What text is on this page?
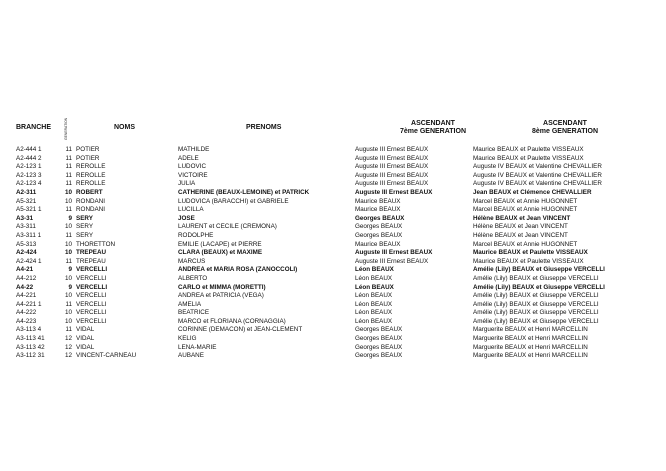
BRANCHE	GENERATION	NOMS	PRENOMS
ASCENDANT
7ème GENERATION
ASCENDANT
8ème GENERATION
A2-444 1	11 POTIER	MATHILDE	Auguste III Ernest BEAUX	Maurice BEAUX et Paulette VISSEAUX
A2-444 2	11 POTIER	ADELE	Auguste III Ernest BEAUX	Maurice BEAUX et Paulette VISSEAUX
A2-123 1	11 REROLLE	LUDOVIC	Auguste III Ernest BEAUX	Auguste IV BEAUX et Valentine CHEVALLIER
A2-123 3	11 REROLLE	VICTOIRE	Auguste III Ernest BEAUX	Auguste IV BEAUX et Valentine CHEVALLIER
A2-123 4	11 REROLLE	JULIA	Auguste III Ernest BEAUX	Auguste IV BEAUX et Valentine CHEVALLIER
A2-311	10 ROBERT	CATHERINE (BEAUX-LEMOINE) et PATRICK	Auguste III Ernest BEAUX	Jean BEAUX et Clémence CHEVALLIER
A5-321	10 RONDANI	LUDOVICA (BARACCHI) et GABRIELE	Maurice BEAUX	Marcel BEAUX et Annie HUGONNET
A5-321 1	11 RONDANI	LUCILLA	Maurice BEAUX	Marcel BEAUX et Annie HUGONNET
A3-31	9 SERY	JOSE	Georges BEAUX	Hélène BEAUX et Jean VINCENT
A3-311	10 SERY	LAURENT et CECILE (CREMONA)	Georges BEAUX	Hélène BEAUX et Jean VINCENT
A3-311 1	11 SERY	RODOLPHE	Georges BEAUX	Hélène BEAUX et Jean VINCENT
A5-313	10 THORETTON	EMILIE (LACAPE) et PIERRE	Maurice BEAUX	Marcel BEAUX et Annie HUGONNET
A2-424	10 TREPEAU	CLARA (BEAUX) et MAXIME	Auguste III Ernest BEAUX	Maurice BEAUX et Paulette VISSEAUX
A2-424 1	11 TREPEAU	MARCUS	Auguste III Ernest BEAUX	Maurice BEAUX et Paulette VISSEAUX
A4-21	9 VERCELLI	ANDREA et MARIA ROSA (ZANOCCOLI)	Léon BEAUX	Amélie (Lily) BEAUX et Giuseppe VERCELLI
A4-212	10 VERCELLI	ALBERTO	Léon BEAUX	Amélie (Lily) BEAUX et Giuseppe VERCELLI
A4-22	9 VERCELLI	CARLO et MIMMA (MORETTI)	Léon BEAUX	Amélie (Lily) BEAUX et Giuseppe VERCELLI
A4-221	10 VERCELLI	ANDREA et PATRICIA (VEGA)	Léon BEAUX	Amélie (Lily) BEAUX et Giuseppe VERCELLI
A4-221 1	11 VERCELLI	AMELIA	Léon BEAUX	Amélie (Lily) BEAUX et Giuseppe VERCELLI
A4-222	10 VERCELLI	BEATRICE	Léon BEAUX	Amélie (Lily) BEAUX et Giuseppe VERCELLI
A4-223	10 VERCELLI	MARCO et FLORIANA (CORNAGGIA)	Léon BEAUX	Amélie (Lily) BEAUX et Giuseppe VERCELLI
A3-113 4	11 VIDAL	CORINNE (DEMACON) et JEAN-CLEMENT	Georges BEAUX	Marguerite BEAUX et Henri MARCELLIN
A3-113 41	12 VIDAL	KELIG	Georges BEAUX	Marguerite BEAUX et Henri MARCELLIN
A3-113 42	12 VIDAL	LENA-MARIE	Georges BEAUX	Marguerite BEAUX et Henri MARCELLIN
A3-112 31	12 VINCENT-CARNEAU	AUBANE	Georges BEAUX	Marguerite BEAUX et Henri MARCELLIN
